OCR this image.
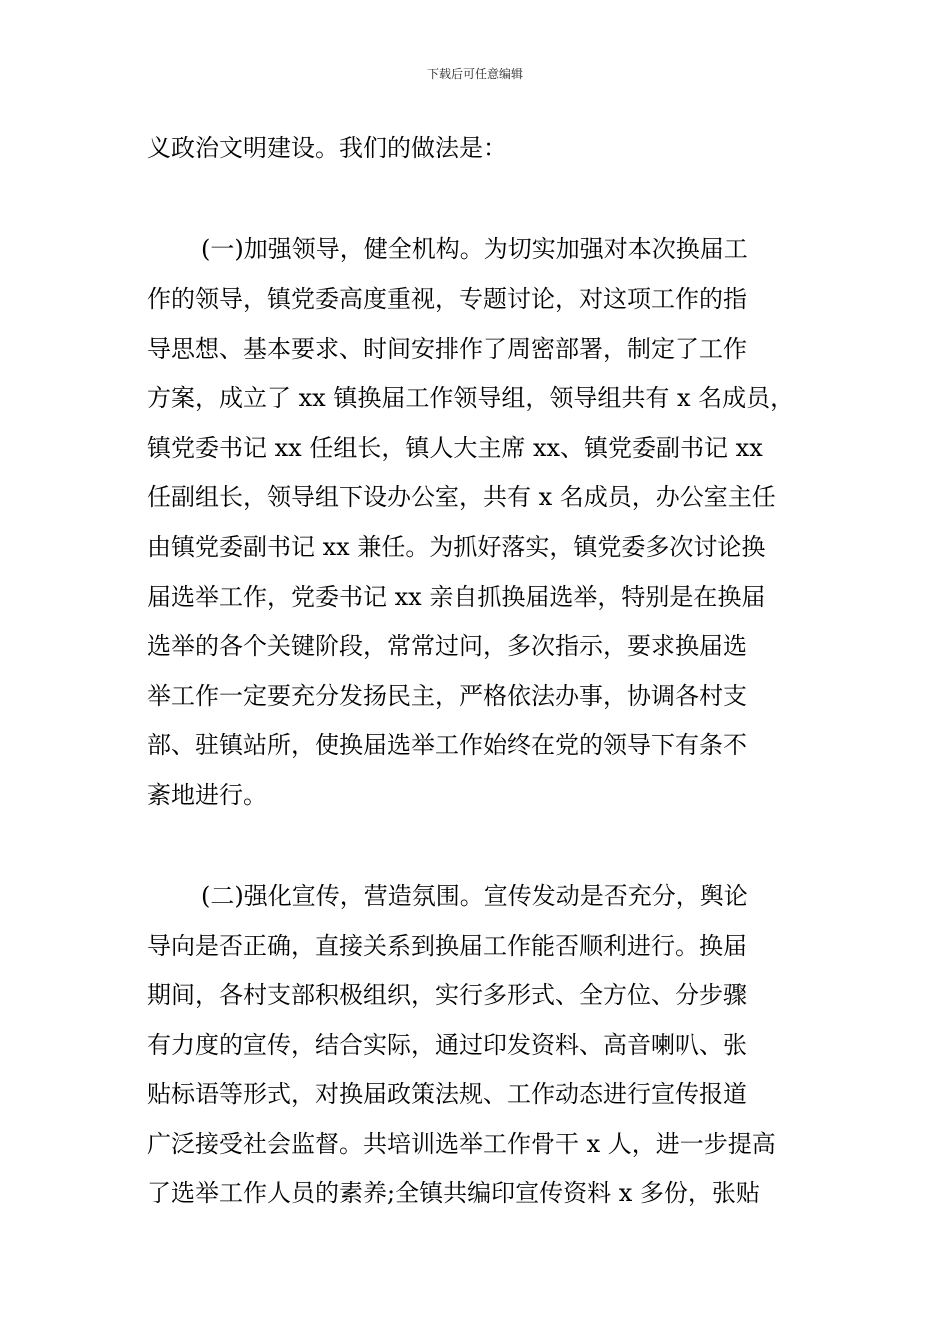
下载后可任意编辑
义政治文明建设。我们的做法是：
(一)加强领导，健全机构。为切实加强对本次换届工
作的领导，镇党委高度重视，专题讨论，对这项工作的指
导思想、基本要求、时间安排作了周密部署，制定了工作
方案，成立了 xx 镇换届工作领导组，领导组共有 x 名成员，
镇党委书记 xx 任组长，镇人大主席 xx、镇党委副书记 xx
任副组长，领导组下设办公室，共有 x 名成员，办公室主任
由镇党委副书记 xx 兼任。为抓好落实，镇党委多次讨论换
届选举工作，党委书记 xx 亲自抓换届选举，特别是在换届
选举的各个关键阶段，常常过问，多次指示，要求换届选
举工作一定要充分发扬民主，严格依法办事，协调各村支
部、驻镇站所，使换届选举工作始终在党的领导下有条不
紊地进行。
(二)强化宣传，营造氛围。宣传发动是否充分，舆论
导向是否正确，直接关系到换届工作能否顺利进行。换届
期间，各村支部积极组织，实行多形式、全方位、分步骤
有力度的宣传，结合实际，通过印发资料、高音喇叭、张
贴标语等形式，对换届政策法规、工作动态进行宣传报道
广泛接受社会监督。共培训选举工作骨干 x 人，进一步提高
了选举工作人员的素养;全镇共编印宣传资料 x 多份，张贴
